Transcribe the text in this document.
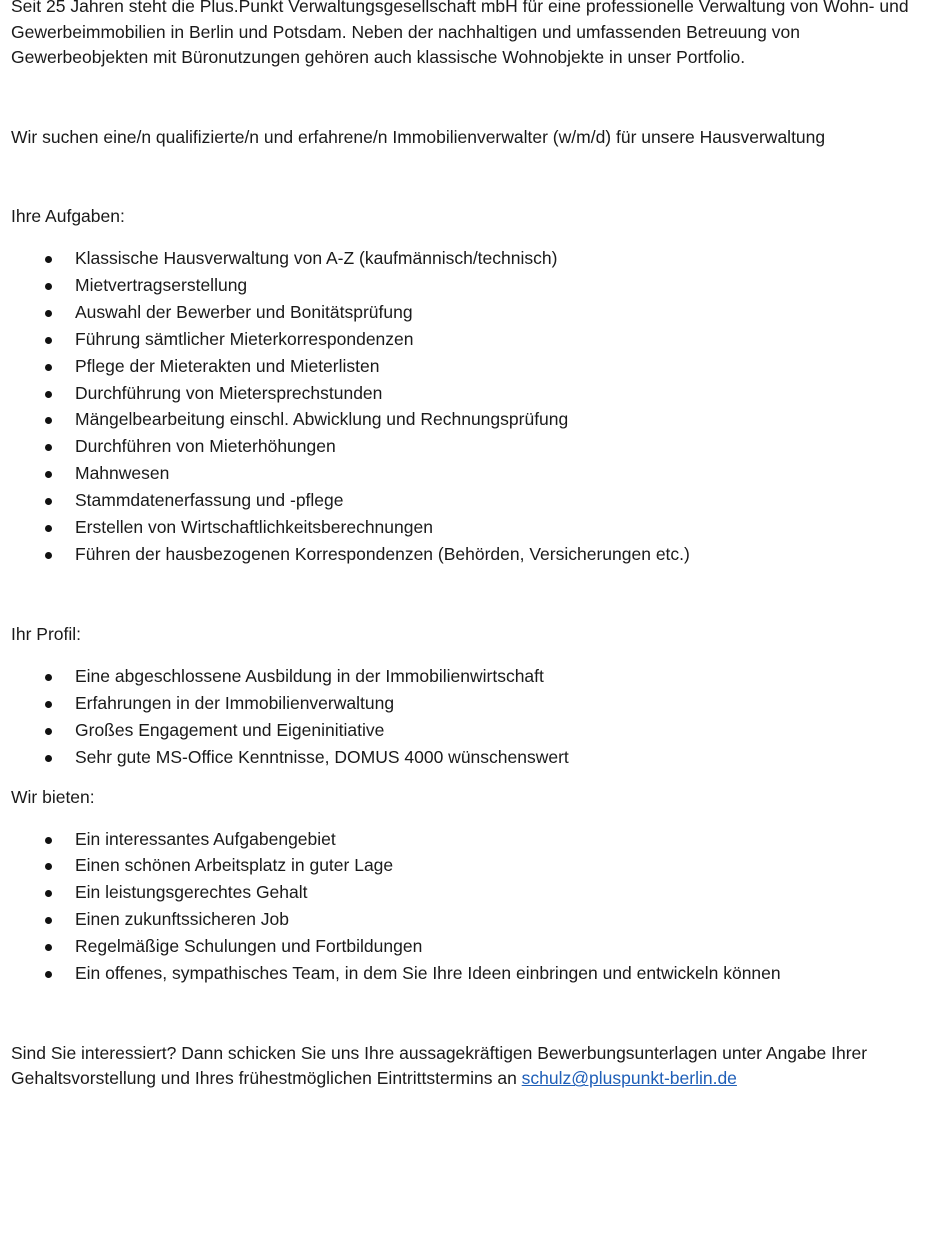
Seit 25 Jahren steht die Plus.Punkt Verwaltungsgesellschaft mbH für eine professionelle Verwaltung von Wohn- und
Gewerbeimmobilien in Berlin und Potsdam. Neben der nachhaltigen und umfassenden Betreuung von
Gewerbeobjekten mit Büronutzungen gehören auch klassische Wohnobjekte in unser Portfolio.
Wir suchen eine/n qualifizierte/n und erfahrene/n Immobilienverwalter (w/m/d) für unsere Hausverwaltung
Ihre Aufgaben:
Klassische Hausverwaltung von A-Z (kaufmännisch/technisch)
Mietvertragserstellung
Auswahl der Bewerber und Bonitätsprüfung
Führung sämtlicher Mieterkorrespondenzen
Pflege der Mieterakten und Mieterlisten
Durchführung von Mietersprechstunden
Mängelbearbeitung einschl. Abwicklung und Rechnungsprüfung
Durchführen von Mieterhöhungen
Mahnwesen
Stammdatenerfassung und -pflege
Erstellen von Wirtschaftlichkeitsberechnungen
Führen der hausbezogenen Korrespondenzen (Behörden, Versicherungen etc.)
Ihr Profil:
Eine abgeschlossene Ausbildung in der Immobilienwirtschaft
Erfahrungen in der Immobilienverwaltung
Großes Engagement und Eigeninitiative
Sehr gute MS-Office Kenntnisse, DOMUS 4000 wünschenswert
Wir bieten:
Ein interessantes Aufgabengebiet
Einen schönen Arbeitsplatz in guter Lage
Ein leistungsgerechtes Gehalt
Einen zukunftssicheren Job
Regelmäßige Schulungen und Fortbildungen
Ein offenes, sympathisches Team, in dem Sie Ihre Ideen einbringen und entwickeln können
Sind Sie interessiert? Dann schicken Sie uns Ihre aussagekräftigen Bewerbungsunterlagen unter Angabe Ihrer
Gehaltsvorstellung und Ihres frühestmöglichen Eintrittstermins an schulz@pluspunkt-berlin.de
